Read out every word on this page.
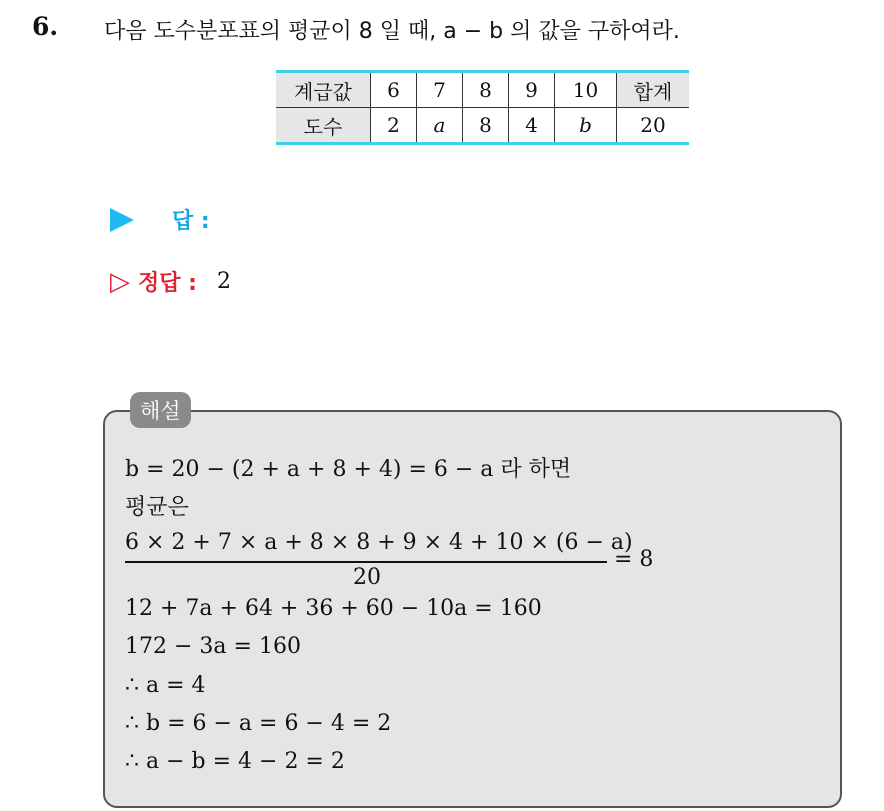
6. 다음 도수분포표의 평균이 8 일 때, a − b 의 값을 구하여라.
계급값	6	7	8	9	10	합계
도수	2	a	8	4	b	20
답 :
▷ 정답 : 2
해설
b = 20 − (2 + a + 8 + 4) = 6 − a 라 하면
평균은
6 × 2 + 7 × a + 8 × 8 + 9 × 4 + 10 × (6 − a)
20
= 8
12 + 7a + 64 + 36 + 60 − 10a = 160
172 − 3a = 160
∴ a = 4
∴ b = 6 − a = 6 − 4 = 2
∴ a − b = 4 − 2 = 2
